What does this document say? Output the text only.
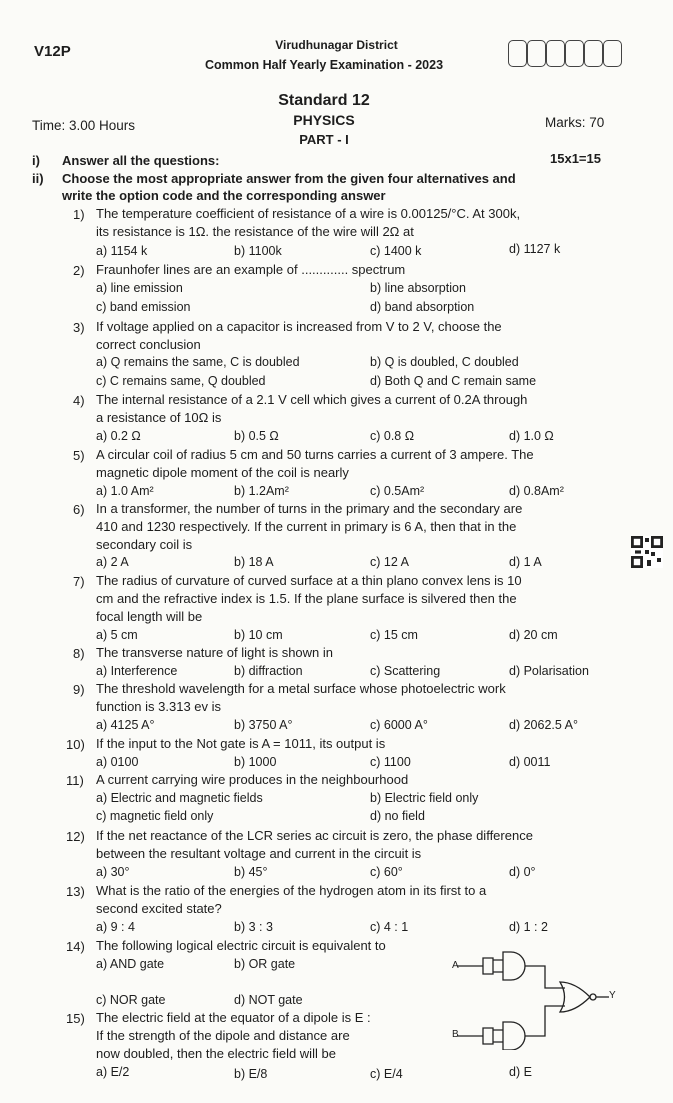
V12P	Virudhunagar District
Common Half Yearly Examination - 2023
Standard 12
PHYSICS
PART - I
Time: 3.00 Hours	Marks: 70
i) Answer all the questions:	15x1=15
ii) Choose the most appropriate answer from the given four alternatives and
write the option code and the corresponding answer
1) The temperature coefficient of resistance of a wire is 0.00125/°C. At 300k,
its resistance is 1Ω. the resistance of the wire will 2Ω at
a) 1154 k	b) 1100k	c) 1400 k	d) 1127 k
2) Fraunhofer lines are an example of ............. spectrum
a) line emission	b) line absorption
c) band emission	d) band absorption
3) If voltage applied on a capacitor is increased from V to 2 V, choose the
correct conclusion
a) Q remains the same, C is doubled	b) Q is doubled, C doubled
c) C remains same, Q doubled	d) Both Q and C remain same
4) The internal resistance of a 2.1 V cell which gives a current of 0.2A through
a resistance of 10Ω is
a) 0.2 Ω	b) 0.5 Ω	c) 0.8 Ω	d) 1.0 Ω
5) A circular coil of radius 5 cm and 50 turns carries a current of 3 ampere. The
magnetic dipole moment of the coil is nearly
a) 1.0 Am²	b) 1.2Am²	c) 0.5Am²	d) 0.8Am²
6) In a transformer, the number of turns in the primary and the secondary are
410 and 1230 respectively. If the current in primary is 6 A, then that in the
secondary coil is
a) 2 A	b) 18 A	c) 12 A	d) 1 A
7) The radius of curvature of curved surface at a thin plano convex lens is 10
cm and the refractive index is 1.5. If the plane surface is silvered then the
focal length will be
a) 5 cm	b) 10 cm	c) 15 cm	d) 20 cm
8) The transverse nature of light is shown in
a) Interference	b) diffraction	c) Scattering	d) Polarisation
9) The threshold wavelength for a metal surface whose photoelectric work
function is 3.313 ev is
a) 4125 A°	b) 3750 A°	c) 6000 A°	d) 2062.5 A°
10) If the input to the Not gate is A = 1011, its output is
a) 0100	b) 1000	c) 1100	d) 0011
11) A current carrying wire produces in the neighbourhood
a) Electric and magnetic fields	b) Electric field only
c) magnetic field only	d) no field
12) If the net reactance of the LCR series ac circuit is zero, the phase difference
between the resultant voltage and current in the circuit is
a) 30°	b) 45°	c) 60°	d) 0°
13) What is the ratio of the energies of the hydrogen atom in its first to a
second excited state?
a) 9 : 4	b) 3 : 3	c) 4 : 1	d) 1 : 2
14) The following logical electric circuit is equivalent to
a) AND gate	b) OR gate
c) NOR gate	d) NOT gate
A
B
Y
15) The electric field at the equator of a dipole is E :
If the strength of the dipole and distance are
now doubled, then the electric field will be
a) E/2	b) E/8	c) E/4	d) E
